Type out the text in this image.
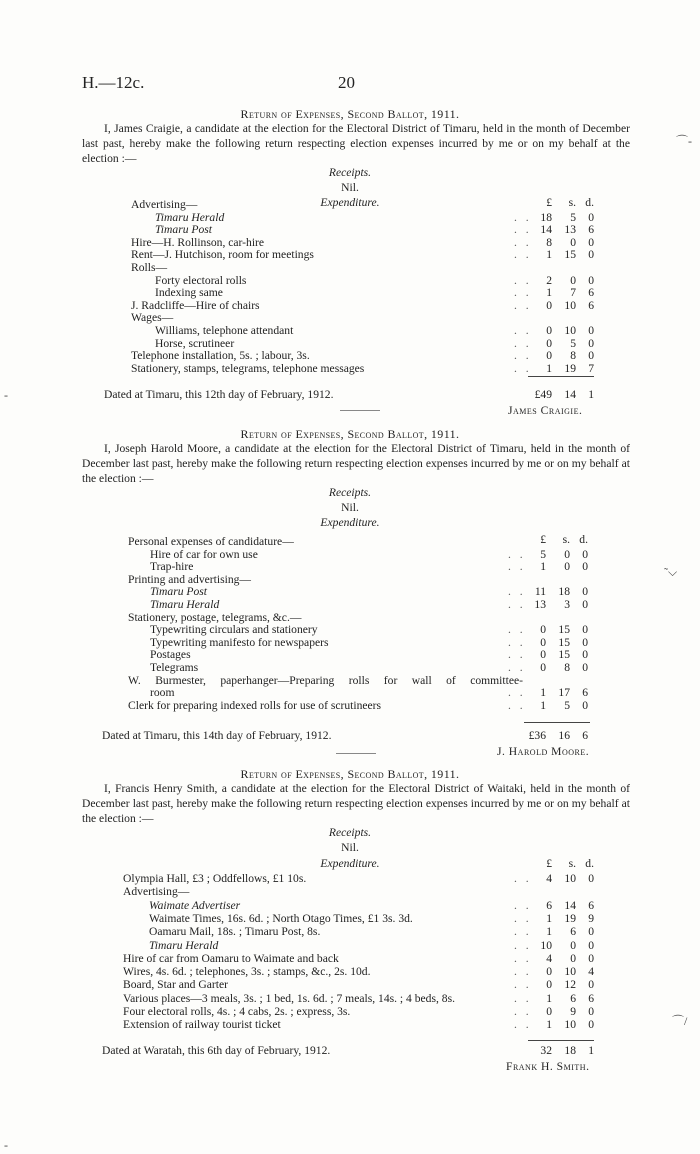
H.—12c.	20
⌒‑
˜⌵
⌒/
-
-
Return of Expenses, Second Ballot, 1911.
I, James Craigie, a candidate at the election for the Electoral District of Timaru, held in the month of December last past, hereby make the following return respecting election expenses incurred by me or on my behalf at the election :—
Receipts.
Nil.
Expenditure.	£	s. d.
Advertising—
Timaru Herald	. . 18	5	0
Timaru Post	. . 14	13	6
Hire—H. Rollinson, car-hire	. .	8	0	0
Rent—J. Hutchison, room for meetings	. .	1	15	0
Rolls—
Forty electoral rolls	. .	2	0	0
Indexing same	. .	1	7	6
J. Radcliffe—Hire of chairs	. .	0	10	6
Wages—
Williams, telephone attendant	. .	0	10	0
Horse, scrutineer	. .	0	5	0
Telephone installation, 5s. ; labour, 3s.	. .	0	8	0
Stationery, stamps, telegrams, telephone messages	. .	1	19	7
Dated at Timaru, this 12th day of February, 1912.	£49	14	1
James Craigie.
Return of Expenses, Second Ballot, 1911.
I, Joseph Harold Moore, a candidate at the election for the Electoral District of Timaru, held in the month of December last past, hereby make the following return respecting election expenses incurred by me or on my behalf at the election :—
Receipts.
Nil.
Expenditure.
£	s. d.
Personal expenses of candidature—
Hire of car for own use	. .	5	0	0
Trap-hire	. .	1	0	0
Printing and advertising—
Timaru Post	. . 11	18	0
Timaru Herald	. . 13	3	0
Stationery, postage, telegrams, &c.—
Typewriting circulars and stationery	. .	0	15	0
Typewriting manifesto for newspapers	. .	0	15	0
Postages	. .	0	15	0
Telegrams	. .	0	8	0
W. Burmester, paperhanger—Preparing rolls for wall of committee-
room	. .	1	17	6
Clerk for preparing indexed rolls for use of scrutineers	. .	1	5	0
Dated at Timaru, this 14th day of February, 1912.	£36	16	6
J. Harold Moore.
Return of Expenses, Second Ballot, 1911.
I, Francis Henry Smith, a candidate at the election for the Electoral District of Waitaki, held in the month of December last past, hereby make the following return respecting election expenses incurred by me or on my behalf at the election :—
Receipts.
Nil.
Expenditure.	£	s. d.
Olympia Hall, £3 ; Oddfellows, £1 10s.	. .	4	10	0
Advertising—
Waimate Advertiser	. .	6	14	6
Waimate Times, 16s. 6d. ; North Otago Times, £1 3s. 3d.	. .	1	19	9
Oamaru Mail, 18s. ; Timaru Post, 8s.	. .	1	6	0
Timaru Herald	. . 10	0	0
Hire of car from Oamaru to Waimate and back	. .	4	0	0
Wires, 4s. 6d. ; telephones, 3s. ; stamps, &c., 2s. 10d.	. .	0	10	4
Board, Star and Garter	. .	0	12	0
Various places—3 meals, 3s. ; 1 bed, 1s. 6d. ; 7 meals, 14s. ; 4 beds, 8s.	. .	1	6	6
Four electoral rolls, 4s. ; 4 cabs, 2s. ; express, 3s.	. .	0	9	0
Extension of railway tourist ticket	. .	1	10	0
Dated at Waratah, this 6th day of February, 1912.	32	18	1
Frank H. Smith.
